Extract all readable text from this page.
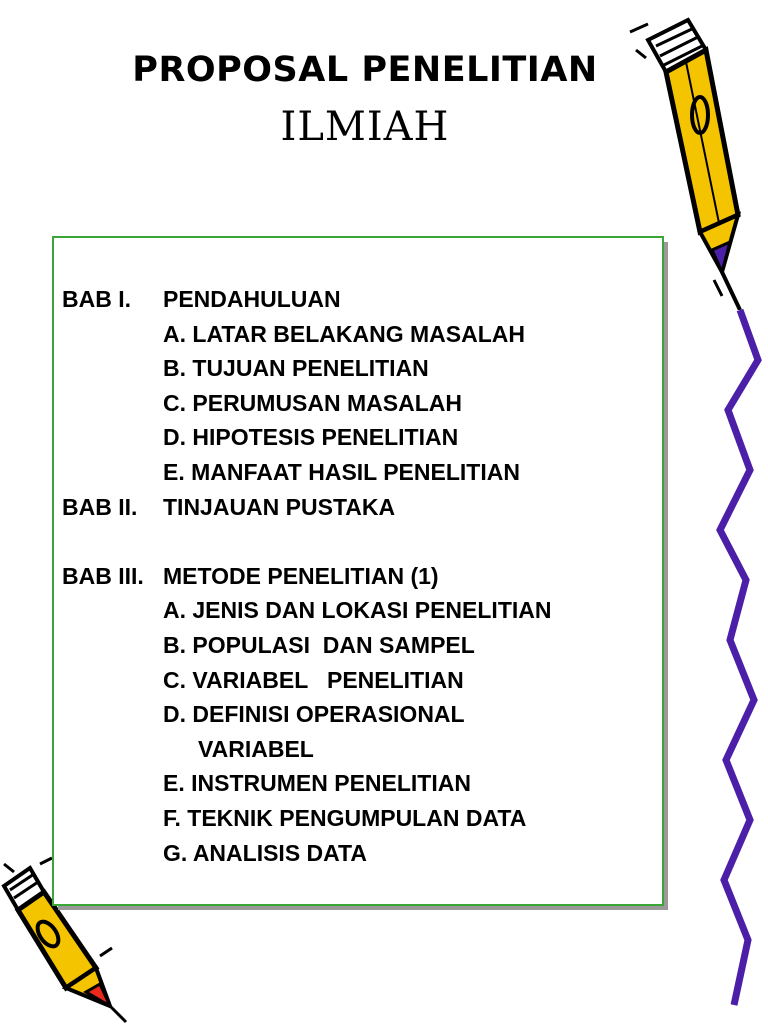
PROPOSAL PENELITIAN
ILMIAH
BAB I. PENDAHULUAN
A. LATAR BELAKANG MASALAH
B. TUJUAN PENELITIAN
C. PERUMUSAN MASALAH
D. HIPOTESIS PENELITIAN
E. MANFAAT HASIL PENELITIAN
BAB II. TINJAUAN PUSTAKA
BAB III. METODE PENELITIAN (1)
A. JENIS DAN LOKASI PENELITIAN
B. POPULASI  DAN SAMPEL
C. VARIABEL   PENELITIAN
D. DEFINISI OPERASIONAL
VARIABEL
E. INSTRUMEN PENELITIAN
F. TEKNIK PENGUMPULAN DATA
G. ANALISIS DATA
